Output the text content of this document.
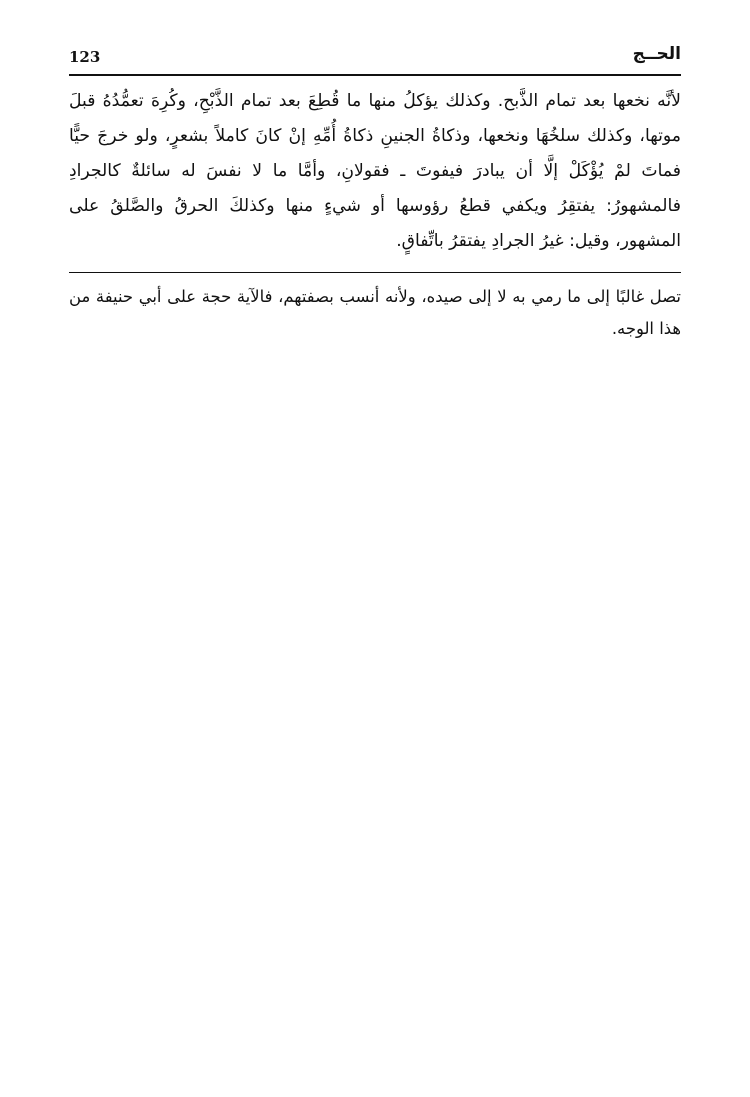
123	الحــج

لأنَّه نخعها بعد تمام الذَّبح. وكذلك يؤكلُ منها ما قُطِعَ بعد تمام الذَّبْحِ، وكُرِهَ تعمُّدُهُ قبلَ موتها، وكذلك سلخُهَا ونخعها، وذكاةُ الجنينِ ذكاةُ أُمِّهِ إنْ كانَ كاملاً بشعرٍ، ولو خرجَ حيًّا فماتَ لمْ يُؤْكَلْ إلَّا أن يبادرَ فيفوتَ ـ فقولانِ، وأمَّا ما لا نفسَ له سائلةٌ كالجرادِ فالمشهورُ: يفتقِرُ ويكفي قطعُ رؤوسها أو شيءٍ منها وكذلكَ الحرقُ والصَّلقُ على المشهور، وقيل: غيرُ الجرادِ يفتقرُ باتِّفاقٍ.

تصل غالبًا إلى ما رمي به لا إلى صيده، ولأنه أنسب بصفتهم، فالآية حجة على أبي حنيفة من هذا الوجه.
